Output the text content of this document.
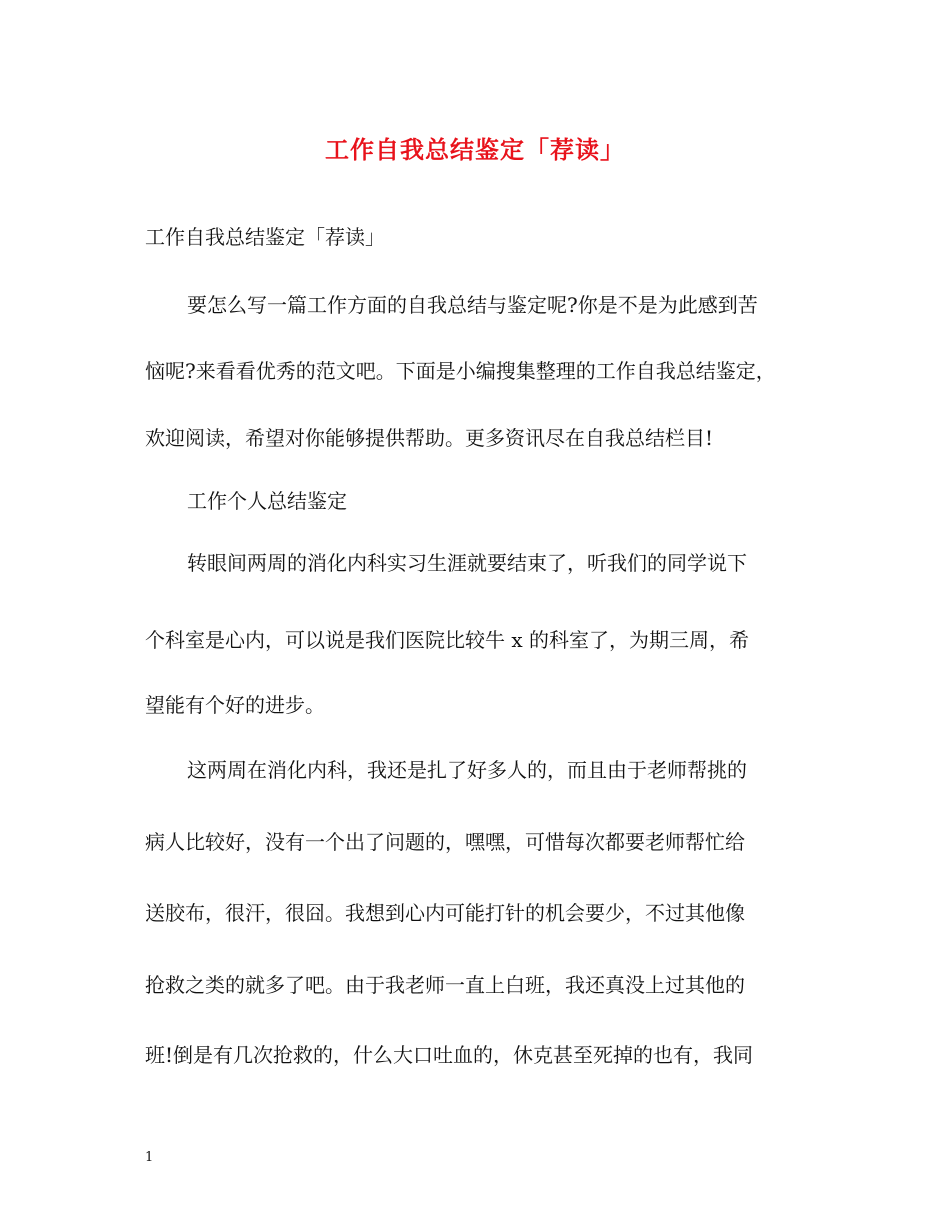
工作自我总结鉴定「荐读」

工作自我总结鉴定「荐读」

要怎么写一篇工作方面的自我总结与鉴定呢?你是不是为此感到苦

恼呢?来看看优秀的范文吧。下面是小编搜集整理的工作自我总结鉴定，

欢迎阅读，希望对你能够提供帮助。更多资讯尽在自我总结栏目!

工作个人总结鉴定

转眼间两周的消化内科实习生涯就要结束了，听我们的同学说下

个科室是心内，可以说是我们医院比较牛 x 的科室了，为期三周，希

望能有个好的进步。

这两周在消化内科，我还是扎了好多人的，而且由于老师帮挑的

病人比较好，没有一个出了问题的，嘿嘿，可惜每次都要老师帮忙给

送胶布，很汗，很囧。我想到心内可能打针的机会要少，不过其他像

抢救之类的就多了吧。由于我老师一直上白班，我还真没上过其他的

班!倒是有几次抢救的，什么大口吐血的，休克甚至死掉的也有，我同

1
